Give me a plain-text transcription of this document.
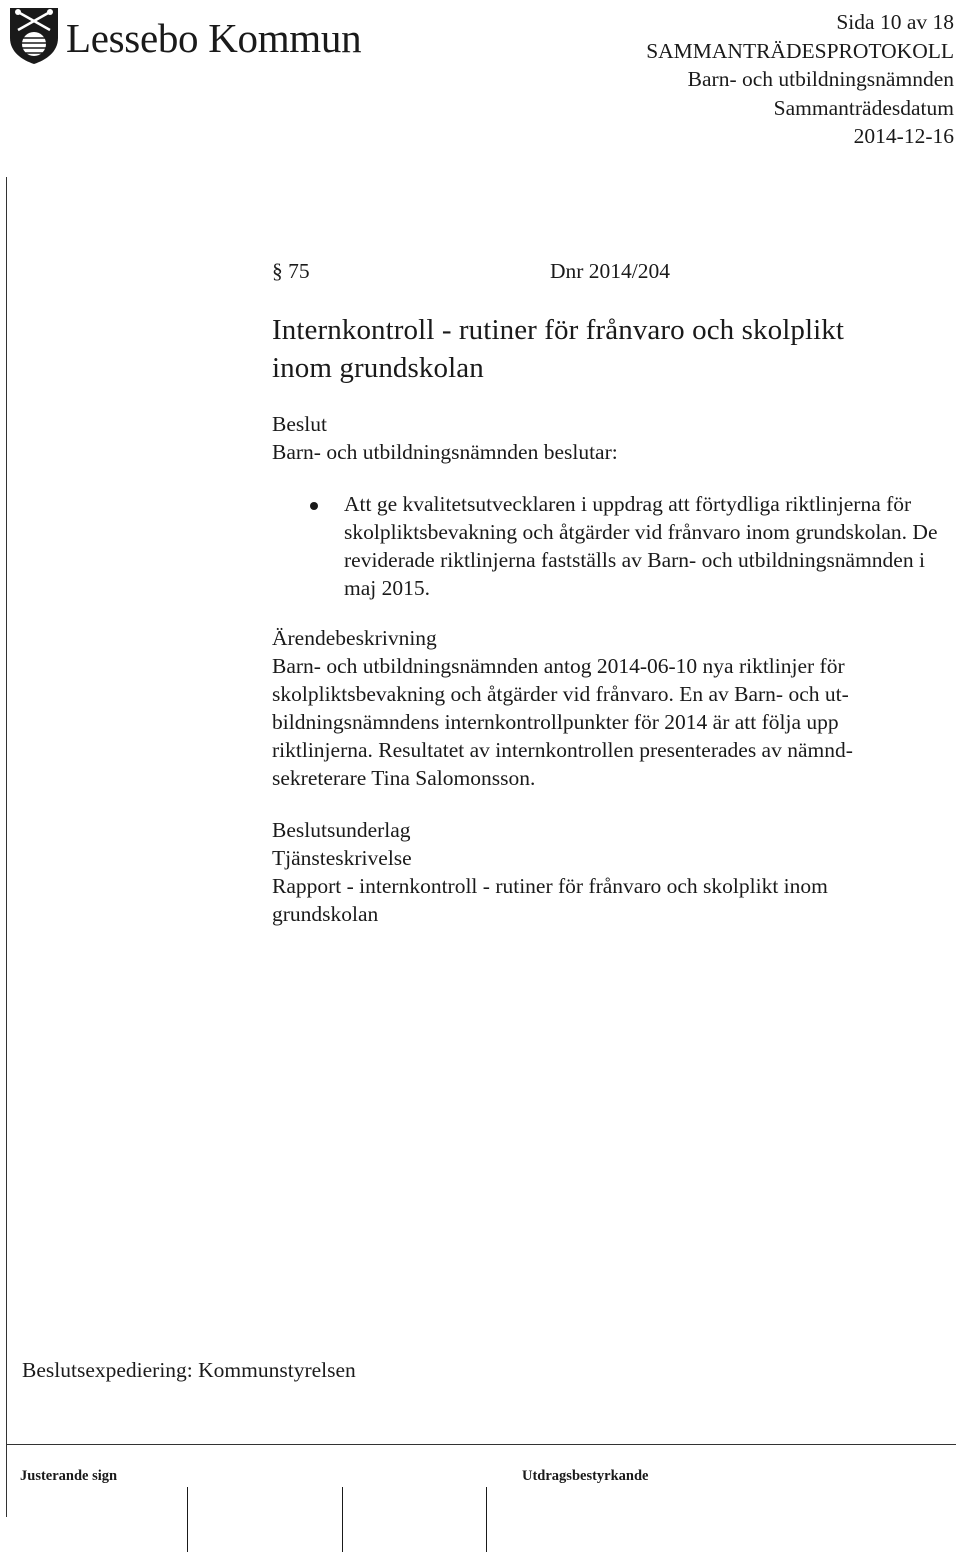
Lessebo Kommun	Sida 10 av 18
SAMMANTRÄDESPROTOKOLL
Barn- och utbildningsnämnden
Sammanträdesdatum
2014-12-16
§ 75	Dnr 2014/204
Internkontroll - rutiner för frånvaro och skolplikt
inom grundskolan
Beslut
Barn- och utbildningsnämnden beslutar:
Att ge kvalitetsutvecklaren i uppdrag att förtydliga riktlinjerna för skolpliktsbevakning och åtgärder vid frånvaro inom grundskolan. De reviderade riktlinjerna fastställs av Barn- och utbildningsnämnden i maj 2015.
Ärendebeskrivning
Barn- och utbildningsnämnden antog 2014-06-10 nya riktlinjer för
skolpliktsbevakning och åtgärder vid frånvaro. En av Barn- och ut-
bildningsnämndens internkontrollpunkter för 2014 är att följa upp
riktlinjerna. Resultatet av internkontrollen presenterades av nämnd-
sekreterare Tina Salomonsson.
Beslutsunderlag
Tjänsteskrivelse
Rapport - internkontroll - rutiner för frånvaro och skolplikt inom
grundskolan
Beslutsexpediering: Kommunstyrelsen
Justerande sign	Utdragsbestyrkande
